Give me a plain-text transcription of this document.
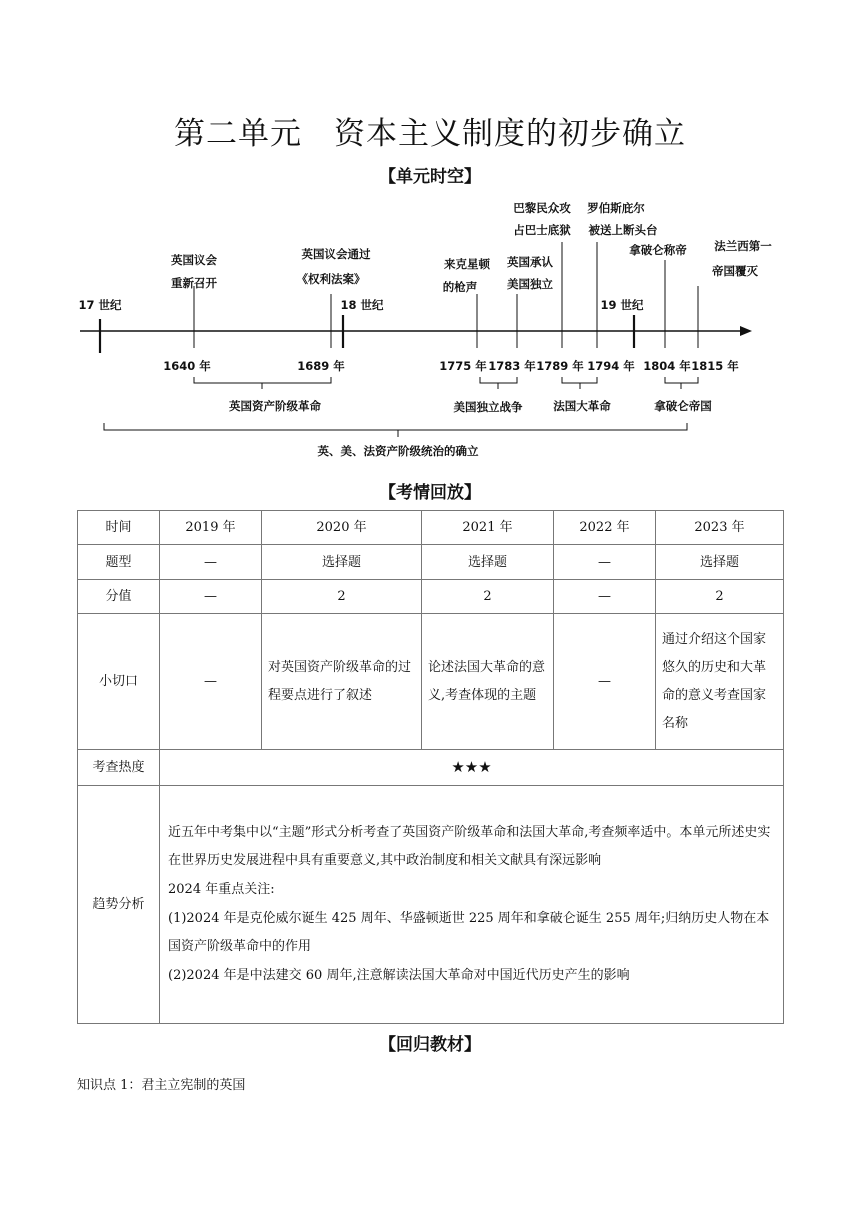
第二单元　资本主义制度的初步确立
【单元时空】
英国议会
重新召开
英国议会通过
《权利法案》
来克星顿
的枪声
英国承认
美国独立
巴黎民众攻
占巴士底狱
罗伯斯庇尔
被送上断头台
拿破仑称帝 法兰西第一
帝国覆灭
17 世纪	18 世纪	19 世纪
1640 年	1689 年	1775 年 1783 年 1789 年 1794 年 1804 年 1815 年
英国资产阶级革命	美国独立战争	法国大革命	拿破仑帝国
英、美、法资产阶级统治的确立
【考情回放】
时间	2019 年	2020 年	2021 年	2022 年	2023 年
题型	—	选择题	选择题	—	选择题
分值	—	2	2	—	2
小切口	—	对英国资产阶级革命的过程要点进行了叙述	论述法国大革命的意义,考查体现的主题	—	通过介绍这个国家悠久的历史和大革命的意义考查国家名称
考查热度	★★★				
趋势分析	近五年中考集中以“主题”形式分析考查了英国资产阶级革命和法国大革命,考查频率适中。本单元所述史实在世界历史发展进程中具有重要意义,其中政治制度和相关文献具有深远影响
2024 年重点关注:
(1)2024 年是克伦威尔诞生 425 周年、华盛顿逝世 225 周年和拿破仑诞生 255 周年;归纳历史人物在本国资产阶级革命中的作用
(2)2024 年是中法建交 60 周年,注意解读法国大革命对中国近代历史产生的影响				
【回归教材】
知识点 1：君主立宪制的英国
